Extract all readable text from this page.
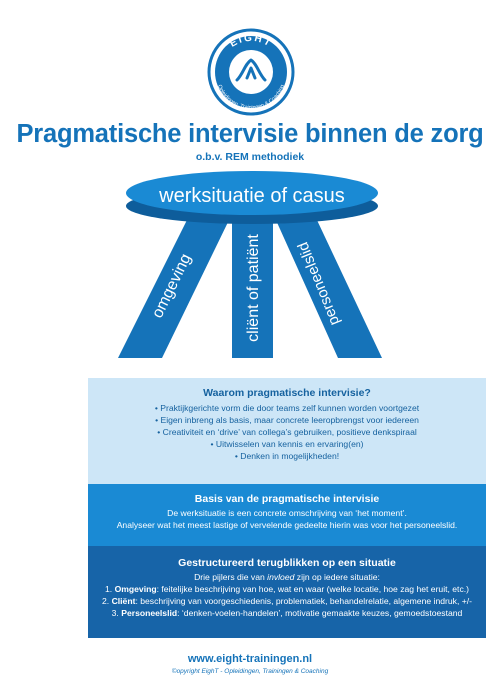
EIGHT
Opleidingen, Trainingen & Coaching
Pragmatische intervisie binnen de zorg
o.b.v. REM methodiek
werksituatie of casus
omgeving	cliënt of patiënt personeelslid
Waarom pragmatische intervisie?

• Praktijkgerichte vorm die door teams zelf kunnen worden voortgezet

• Eigen inbreng als basis, maar concrete leeropbrengst voor iedereen

• Creativiteit en ‘drive’ van collega’s gebruiken, positieve denkspiraal

• Uitwisselen van kennis en ervaring(en)

• Denken in mogelijkheden!

Basis van de pragmatische intervisie

De werksituatie is een concrete omschrijving van ‘het moment’.

Analyseer wat het meest lastige of vervelende gedeelte hierin was voor het personeelslid.

Gestructureerd terugblikken op een situatie

Drie pijlers die van invloed zijn op iedere situatie:

1. Omgeving: feitelijke beschrijving van hoe, wat en waar (welke locatie, hoe zag het eruit, etc.)

2. Cliënt: beschrijving van voorgeschiedenis, problematiek, behandelrelatie, algemene indruk, +/-

3. Personeelslid: ‘denken-voelen-handelen’, motivatie gemaakte keuzes, gemoedstoestand

www.eight-trainingen.nl
©opyright EighT - Opleidingen, Trainingen & Coaching
